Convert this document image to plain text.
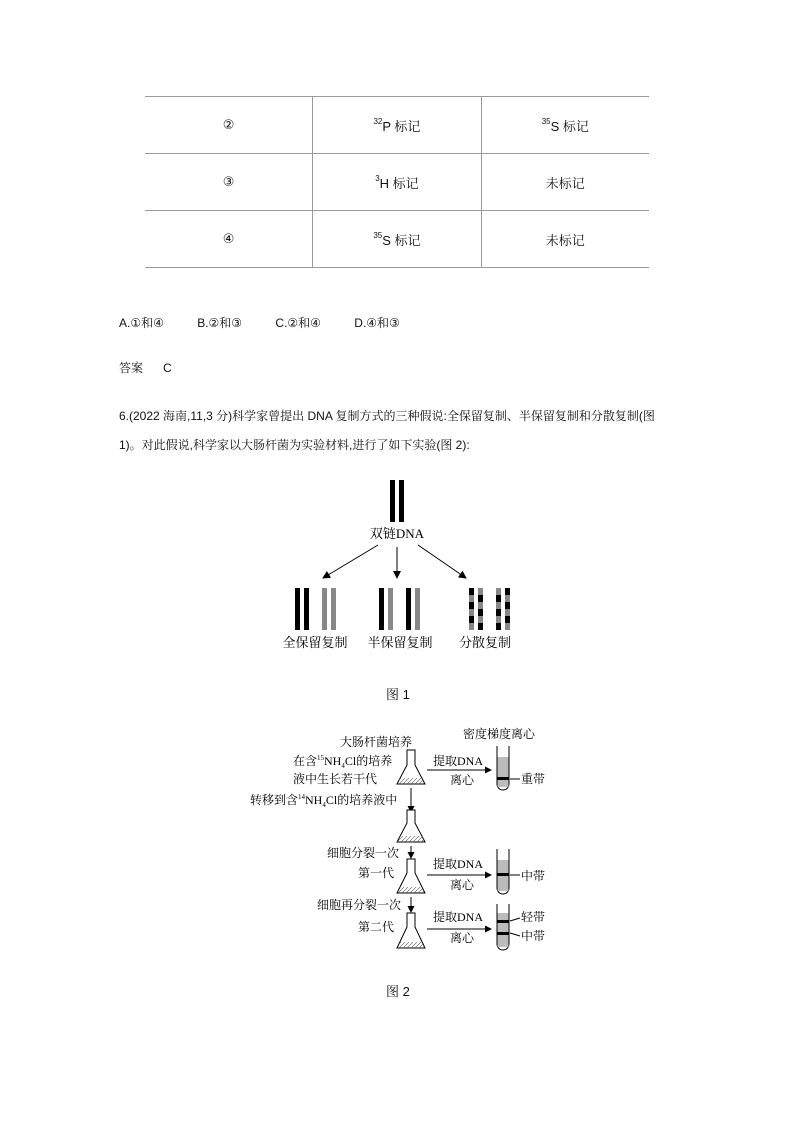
②	$^{32}$P 标记	$^{35}$S 标记
③	$^3$H 标记	未标记
④	$^{35}$S 标记	未标记
A.①和④	B.②和③	C.②和④	D.④和③
答案 C
6.(2022 海南,11,3 分)科学家曾提出 DNA 复制方式的三种假说:全保留复制、半保留复制和分散复制(图 1)。对此假说,科学家以大肠杆菌为实验材料,进行了如下实验(图 2):
双链DNA
全保留复制 半保留复制 分散复制
图 1
大肠杆菌培养
密度梯度离心
在含$^{15}NH_4Cl$的培养
液中生长若干代
提取DNA
离心	重带
转移到含$^{14}NH_4Cl$的培养液中
细胞分裂一次
第一代
提取DNA
离心
中带
细胞再分裂一次
第二代
提取DNA
离心
轻带
中带
图 2
